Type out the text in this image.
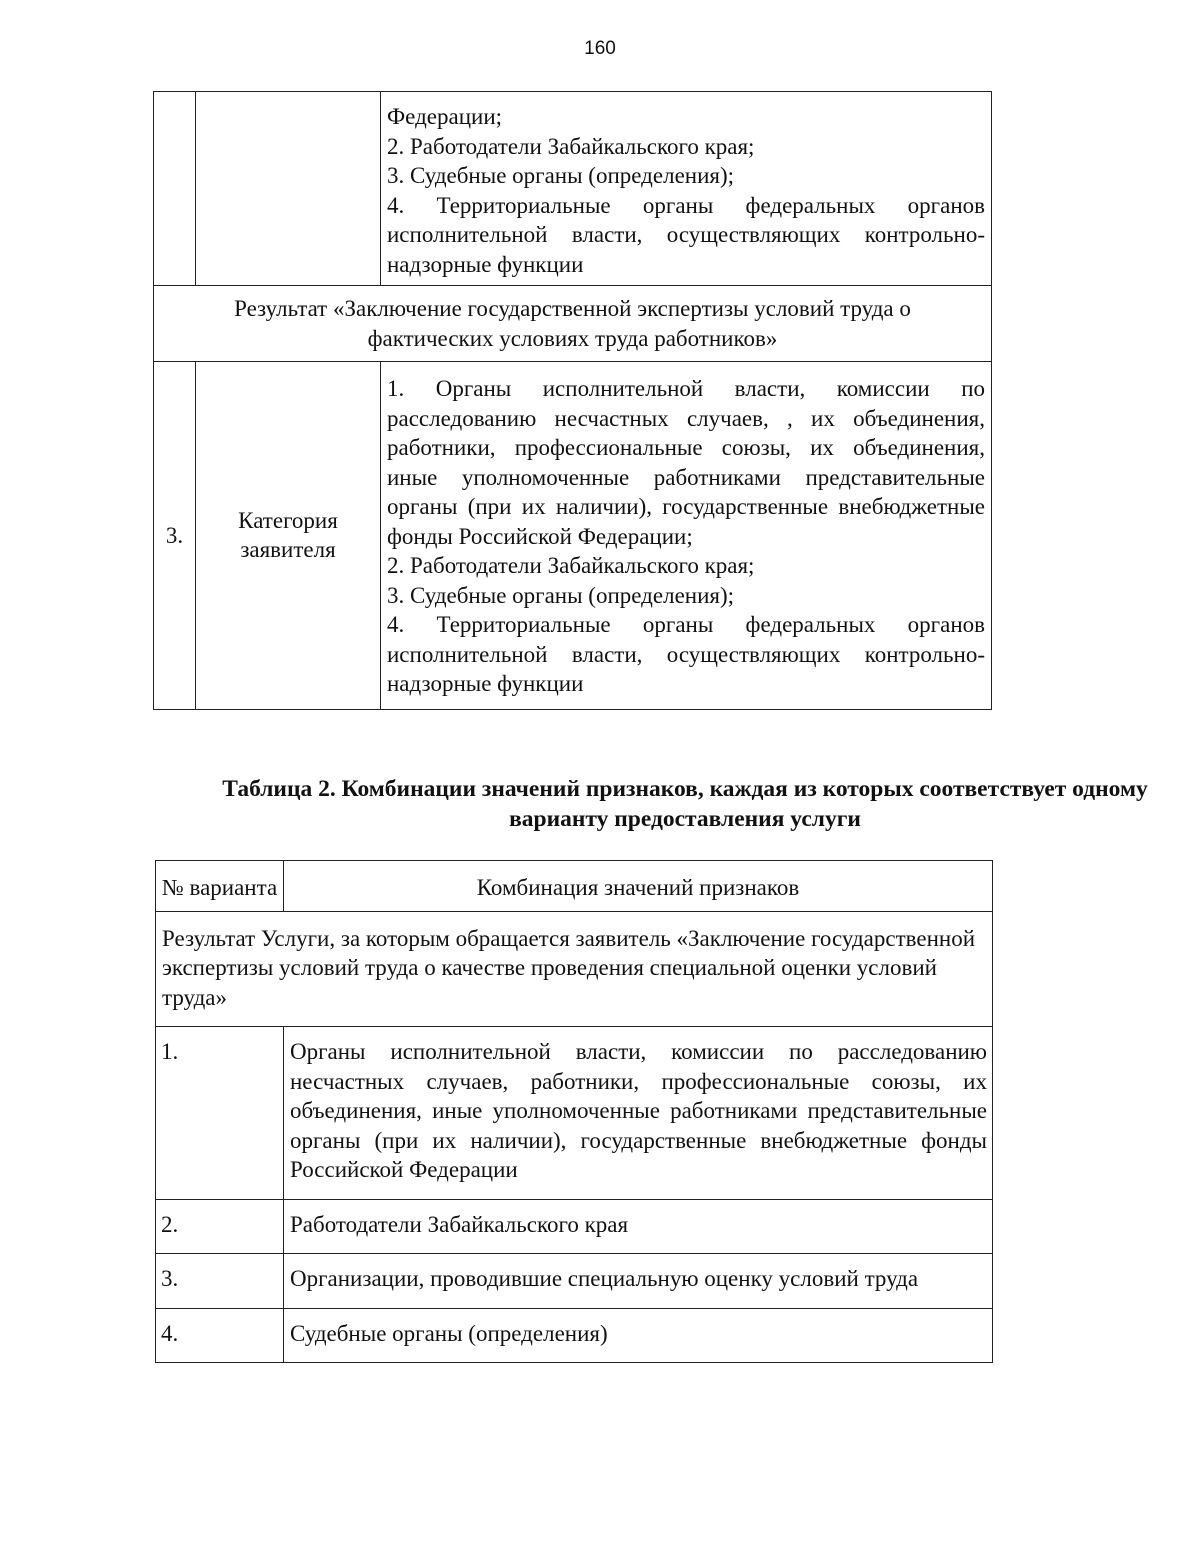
160

		Федерации;
2. Работодатели Забайкальского края;
3. Судебные органы (определения);
4. Территориальные органы федеральных органов исполнительной власти, осуществляющих контрольно-надзорные функции

Результат «Заключение государственной экспертизы условий труда о фактических условиях труда работников»		
3.	Категория заявителя	1. Органы исполнительной власти, комиссии по расследованию несчастных случаев, , их объединения, работники, профессиональные союзы, их объединения, иные уполномоченные работниками представительные органы (при их наличии), государственные внебюджетные фонды Российской Федерации;
2. Работодатели Забайкальского края;
3. Судебные органы (определения);
4. Территориальные органы федеральных органов исполнительной власти, осуществляющих контрольно-надзорные функции
Таблица 2. Комбинации значений признаков, каждая из которых соответствует одному варианту предоставления услуги
№ варианта	Комбинация значений признаков
Результат Услуги, за которым обращается заявитель «Заключение государственной экспертизы условий труда о качестве проведения специальной оценки условий труда»	
1.	Органы исполнительной власти, комиссии по расследованию несчастных случаев, работники, профессиональные союзы, их объединения, иные уполномоченные работниками представительные органы (при их наличии), государственные внебюджетные фонды Российской Федерации
2.	Работодатели Забайкальского края
3.	Организации, проводившие специальную оценку условий труда
4.	Судебные органы (определения)
